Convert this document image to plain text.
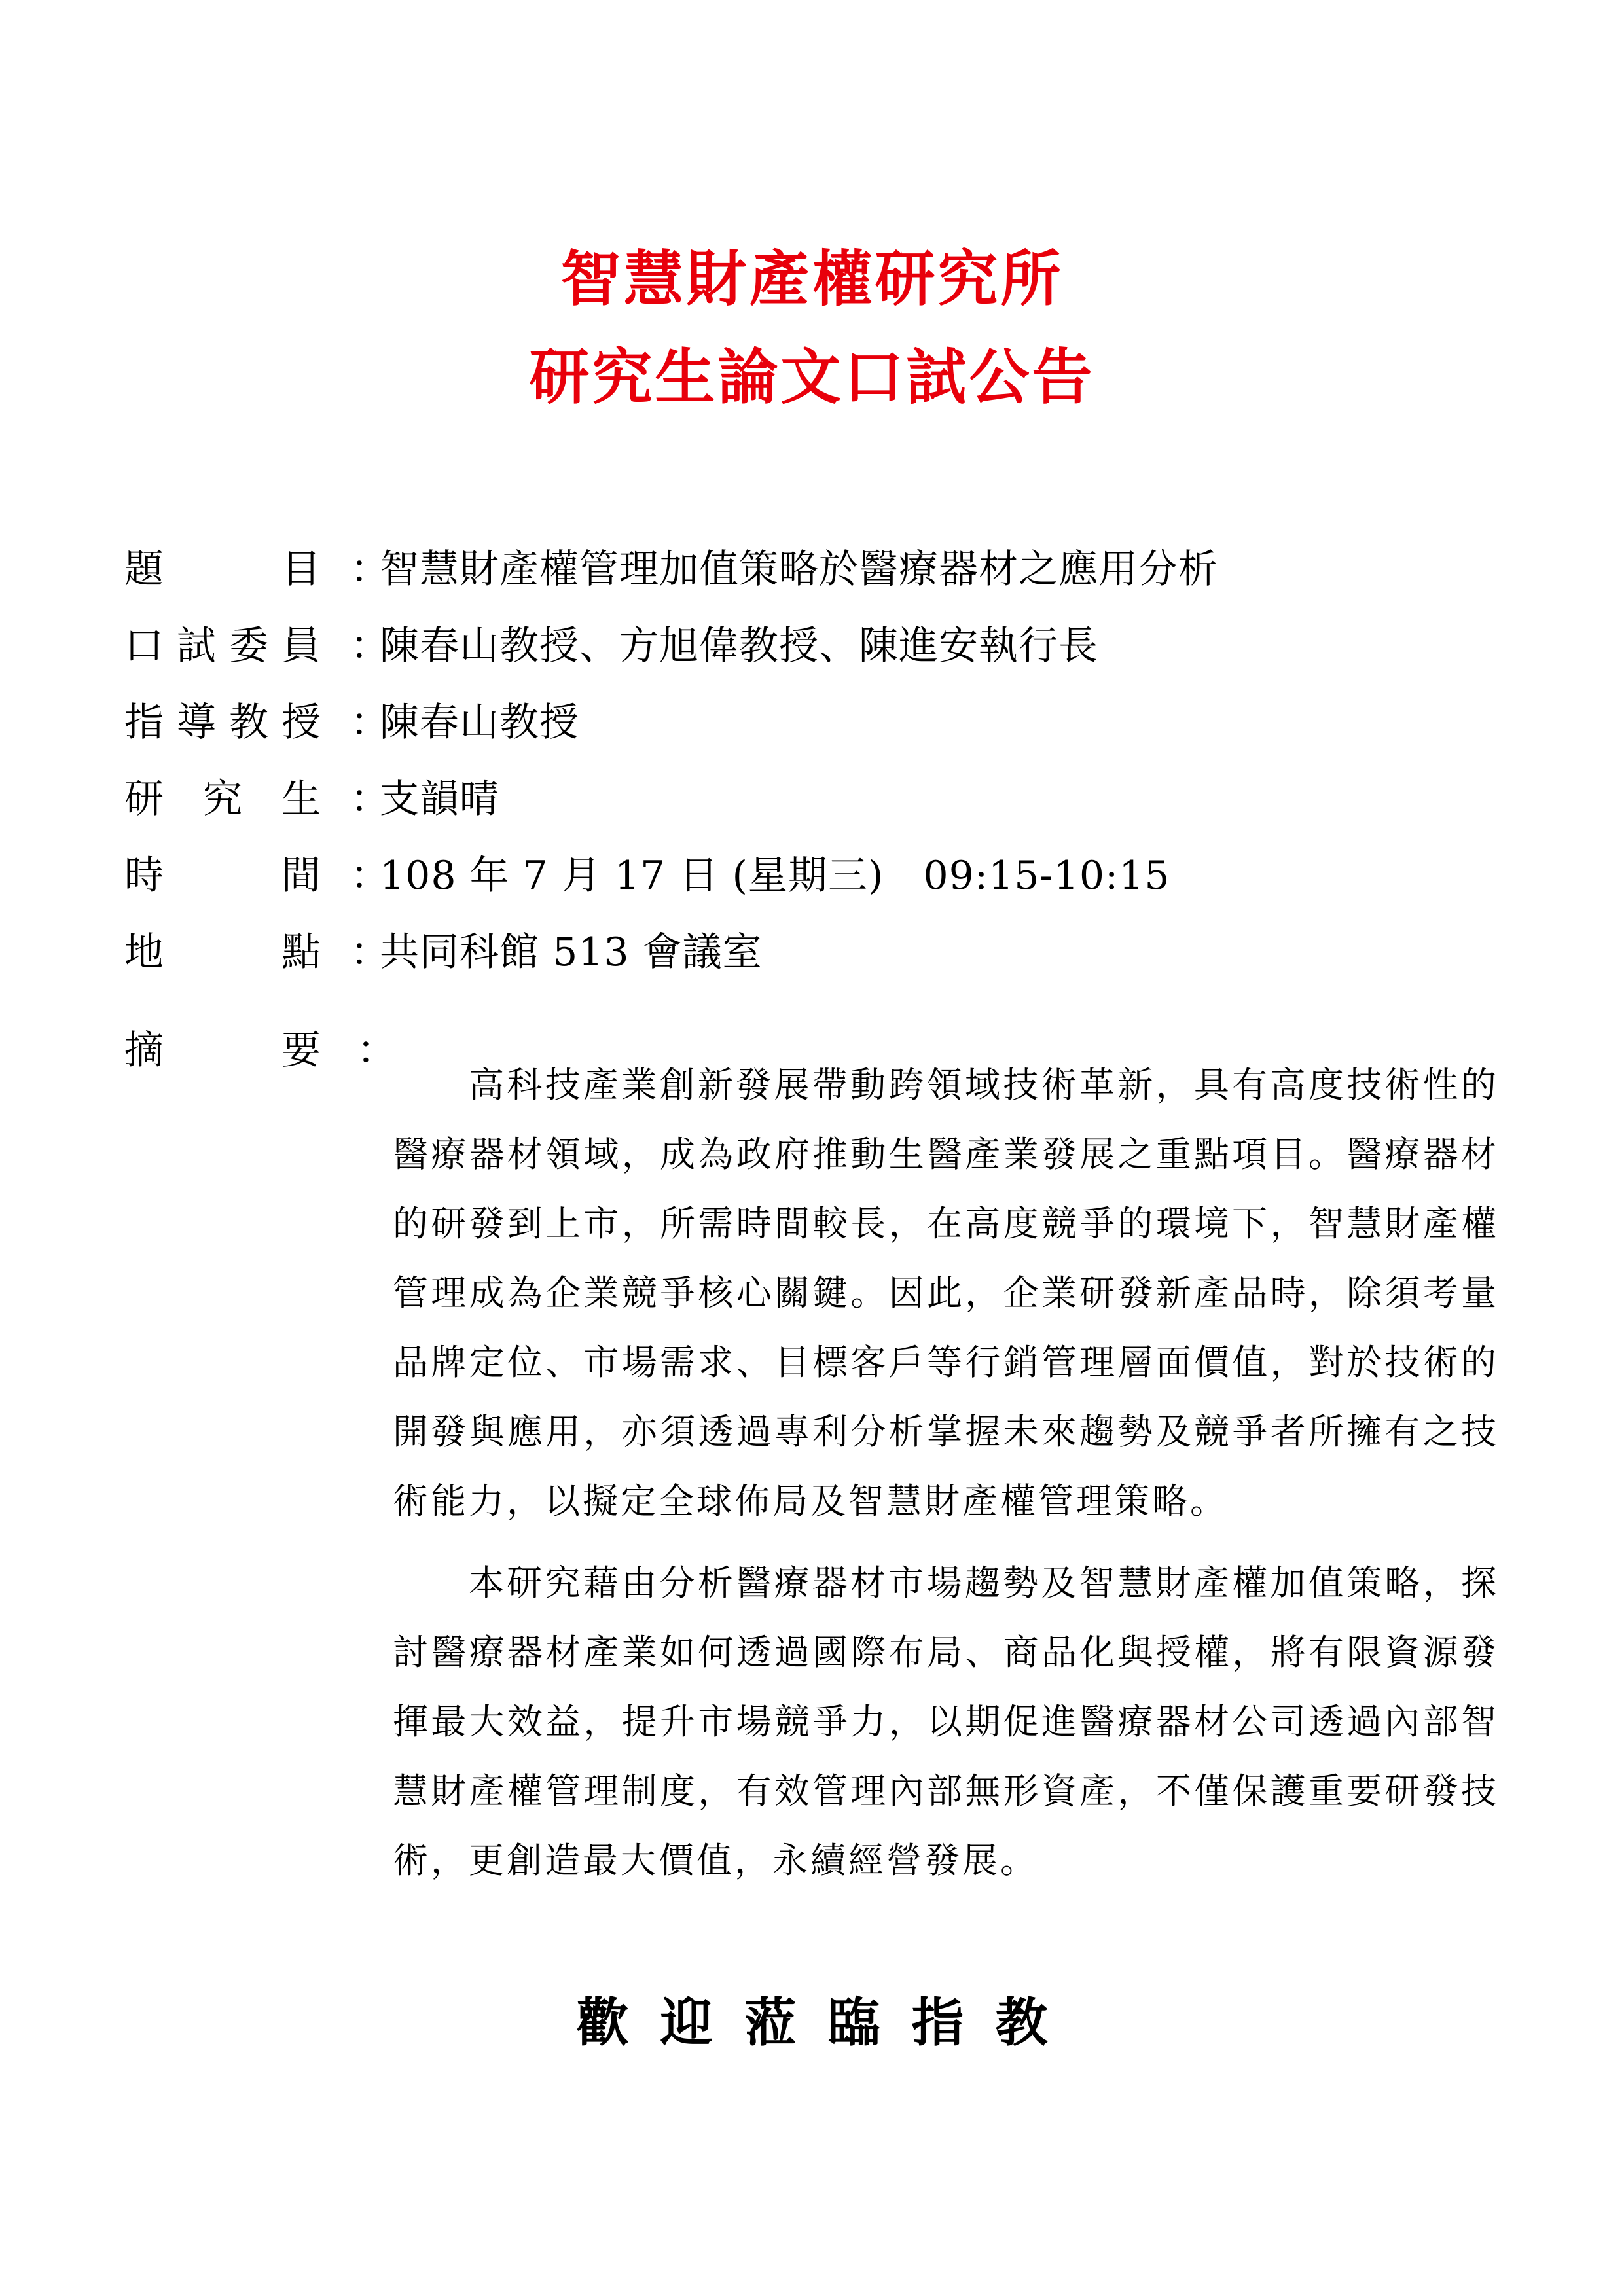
智慧財產權研究所
研究生論文口試公告
題	目 ：
智慧財產權管理加值策略於醫療器材之應用分析
口 試 委 員 ：
陳春山教授、方旭偉教授、陳進安執行長
指 導 教 授 ：
陳春山教授
研 究 生 ：
支韻晴
時	間 ：
108 年 7 月 17 日 (星期三)   09:15-10:15
地	點 ：
共同科館 513 會議室
摘	要 ：

高科技產業創新發展帶動跨領域技術革新，具有高度技術性的醫療器材領域，成為政府推動生醫產業發展之重點項目。醫療器材的研發到上市，所需時間較長，在高度競爭的環境下，智慧財產權管理成為企業競爭核心關鍵。因此，企業研發新產品時，除須考量品牌定位、市場需求、目標客戶等行銷管理層面價值，對於技術的開發與應用，亦須透過專利分析掌握未來趨勢及競爭者所擁有之技術能力，以擬定全球佈局及智慧財產權管理策略。

本研究藉由分析醫療器材市場趨勢及智慧財產權加值策略，探討醫療器材產業如何透過國際布局、商品化與授權，將有限資源發揮最大效益，提升市場競爭力，以期促進醫療器材公司透過內部智慧財產權管理制度，有效管理內部無形資產，不僅保護重要研發技術，更創造最大價值，永續經營發展。

歡迎蒞臨指教
